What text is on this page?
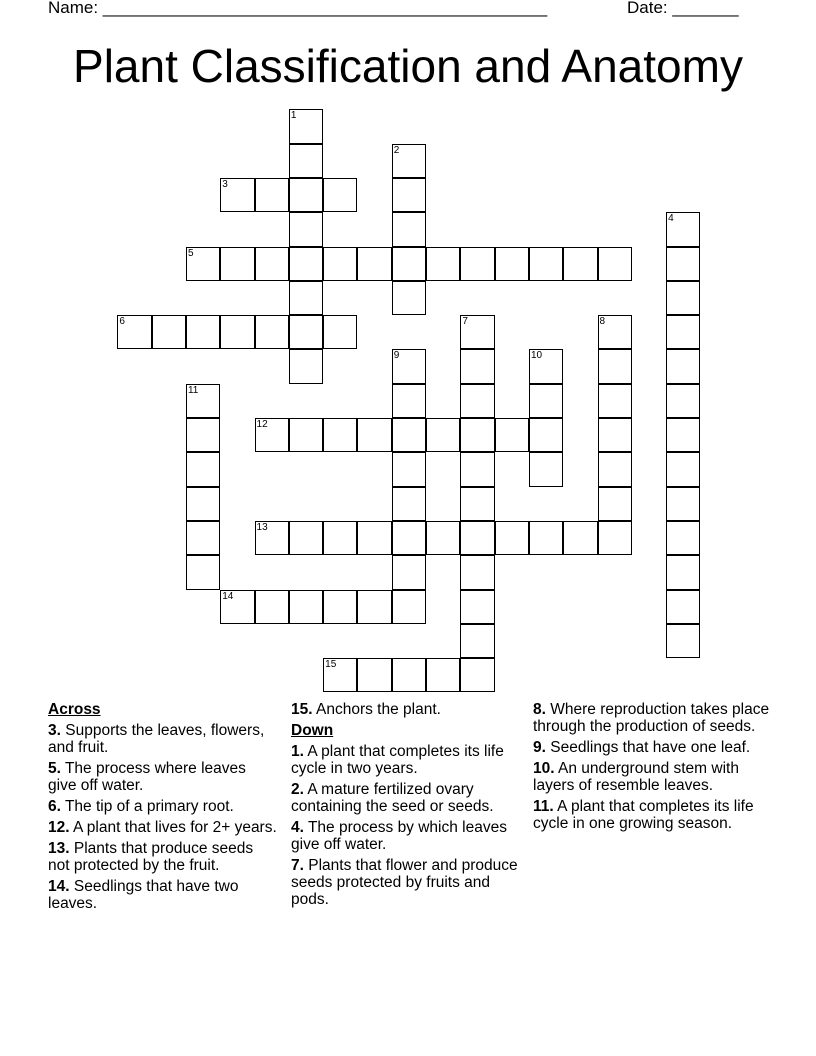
Name: _______________________________________________	Date: _______
Plant Classification and Anatomy
1
2
3
4
5
6	7	8
9	10
11
12
13
14
15
Across
3. Supports the leaves, flowers, and fruit.
5. The process where leaves give off water.
6. The tip of a primary root.
12. A plant that lives for 2+ years.
13. Plants that produce seeds not protected by the fruit.
14. Seedlings that have two leaves.
15. Anchors the plant.
Down
1. A plant that completes its life cycle in two years.
2. A mature fertilized ovary containing the seed or seeds.
4. The process by which leaves give off water.
7. Plants that flower and produce seeds protected by fruits and pods.
8. Where reproduction takes place through the production of seeds.
9. Seedlings that have one leaf.
10. An underground stem with layers of resemble leaves.
11. A plant that completes its life cycle in one growing season.
